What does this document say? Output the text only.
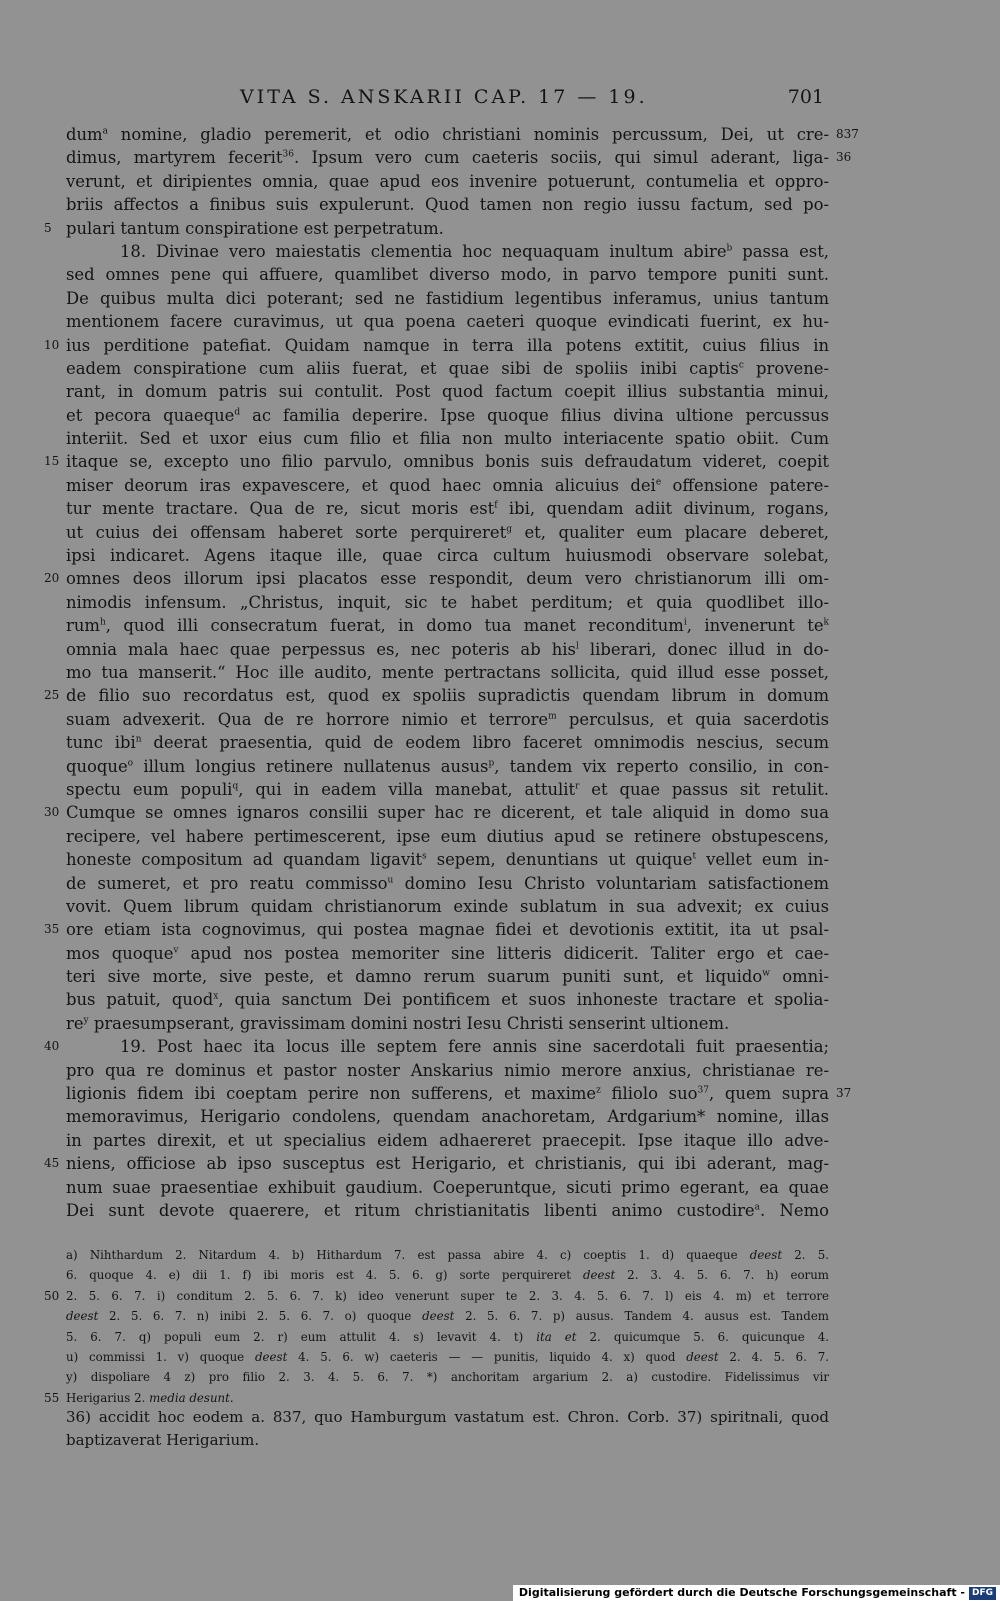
VITA S. ANSKARII CAP. 17 — 19.	701
dum$^a$ nomine, gladio peremerit, et odio christiani nominis percussum, Dei, ut cre- 837
dimus, martyrem fecerit$^{36}$. Ipsum vero cum caeteris sociis, qui simul aderant, liga- 36
verunt, et diripientes omnia, quae apud eos invenire potuerunt, contumelia et oppro-
briis affectos a finibus suis expulerunt. Quod tamen non regio iussu factum, sed po-
pulari tantum conspiratione est perpetratum.
5
18. Divinae vero maiestatis clementia hoc nequaquam inultum abire$^b$ passa est,
sed omnes pene qui affuere, quamlibet diverso modo, in parvo tempore puniti sunt.
De quibus multa dici poterant; sed ne fastidium legentibus inferamus, unius tantum
mentionem facere curavimus, ut qua poena caeteri quoque evindicati fuerint, ex hu-
ius perditione patefiat. Quidam namque in terra illa potens extitit, cuius filius in
10
eadem conspiratione cum aliis fuerat, et quae sibi de spoliis inibi captis$^c$ provene-
rant, in domum patris sui contulit. Post quod factum coepit illius substantia minui,
et pecora quaeque$^d$ ac familia deperire. Ipse quoque filius divina ultione percussus
interiit. Sed et uxor eius cum filio et filia non multo interiacente spatio obiit. Cum
itaque se, excepto uno filio parvulo, omnibus bonis suis defraudatum videret, coepit
15
miser deorum iras expavescere, et quod haec omnia alicuius dei$^e$ offensione patere-
tur mente tractare. Qua de re, sicut moris est$^f$ ibi, quendam adiit divinum, rogans,
ut cuius dei offensam haberet sorte perquireret$^g$ et, qualiter eum placare deberet,
ipsi indicaret. Agens itaque ille, quae circa cultum huiusmodi observare solebat,
omnes deos illorum ipsi placatos esse respondit, deum vero christianorum illi om-
20
nimodis infensum. „Christus, inquit, sic te habet perditum; et quia quodlibet illo-
rum$^h$, quod illi consecratum fuerat, in domo tua manet reconditum$^i$, invenerunt $te^k$
omnia mala haec quae perpessus es, nec poteris ab his$^l$ liberari, donec illud in do-
mo tua manserit.“ Hoc ille audito, mente pertractans sollicita, quid illud esse posset,
de filio suo recordatus est, quod ex spoliis supradictis quendam librum in domum
25
suam advexerit. Qua de re horrore nimio et terrore$^m$ perculsus, et quia sacerdotis
tunc ibi$^n$ deerat praesentia, quid de eodem libro faceret omnimodis nescius, secum
quoque$^o$ illum longius retinere nullatenus ausus$^p$, tandem vix reperto consilio, in con-
spectu eum populi$^q$, qui in eadem villa manebat, attulit$^r$ et quae passus sit retulit.
Cumque se omnes ignaros consilii super hac re dicerent, et tale aliquid in domo sua
30
recipere, vel habere pertimescerent, ipse eum diutius apud se retinere obstupescens,
honeste compositum ad quandam ligavit$^s$ sepem, denuntians ut quique$^t$ vellet eum in-
de sumeret, et pro reatu commisso$^u$ domino Iesu Christo voluntariam satisfactionem
vovit. Quem librum quidam christianorum exinde sublatum in sua advexit; ex cuius
ore etiam ista cognovimus, qui postea magnae fidei et devotionis extitit, ita ut psal-
35
mos quoque$^v$ apud nos postea memoriter sine litteris didicerit. Taliter ergo et cae-
teri sive morte, sive peste, et damno rerum suarum puniti sunt, et liquido$^w$ omni-
bus patuit, quod$^x$, quia sanctum Dei pontificem et suos inhoneste tractare et spolia-
$re^y$ praesumpserant, gravissimam domini nostri Iesu Christi senserint ultionem.
19. Post haec ita locus ille septem fere annis sine sacerdotali fuit praesentia;
40
pro qua re dominus et pastor noster Anskarius nimio merore anxius, christianae re-
ligionis fidem ibi coeptam perire non sufferens, et maxime$^z$ filiolo suo$^{37}$, quem supra 37
memoravimus, Herigario condolens, quendam anachoretam, Ardgarium* nomine, illas
in partes direxit, et ut specialius eidem adhaereret praecepit. Ipse itaque illo adve-
niens, officiose ab ipso susceptus est Herigario, et christianis, qui ibi aderant, mag-
45
num suae praesentiae exhibuit gaudium. Coeperuntque, sicuti primo egerant, ea quae
Dei sunt devote quaerere, et ritum christianitatis libenti animo custodire$^a$. Nemo
a) Nihthardum 2. Nitardum 4. b) Hithardum 7. est passa abire 4. c) coeptis 1. d) quaeque deest 2. 5.
6. quoque 4. e) dii 1. f) ibi moris est 4. 5. 6. g) sorte perquireret deest 2. 3. 4. 5. 6. 7. h) eorum
2. 5. 6. 7. i) conditum 2. 5. 6. 7. k) ideo venerunt super te 2. 3. 4. 5. 6. 7. l) eis 4. m) et terrore
50
deest 2. 5. 6. 7. n) inibi 2. 5. 6. 7. o) quoque deest 2. 5. 6. 7. p) ausus. Tandem 4. ausus est. Tandem
5. 6. 7. q) populi eum 2. r) eum attulit 4. s) levavit 4. t) ita et 2. quicumque 5. 6. quicunque 4.
u) commissi 1. v) quoque deest 4. 5. 6. w) caeteris — — punitis, liquido 4. x) quod deest 2. 4. 5. 6. 7.
y) dispoliare 4 z) pro filio 2. 3. 4. 5. 6. 7. *) anchoritam argarium 2. a) custodire. Fidelissimus vir
Herigarius 2. media desunt.
55
36) accidit hoc eodem a. 837, quo Hamburgum vastatum est. Chron. Corb. 37) spiritnali, quod
baptizaverat Herigarium.
Digitalisierung gefördert durch die Deutsche Forschungsgemeinschaft - DFG
